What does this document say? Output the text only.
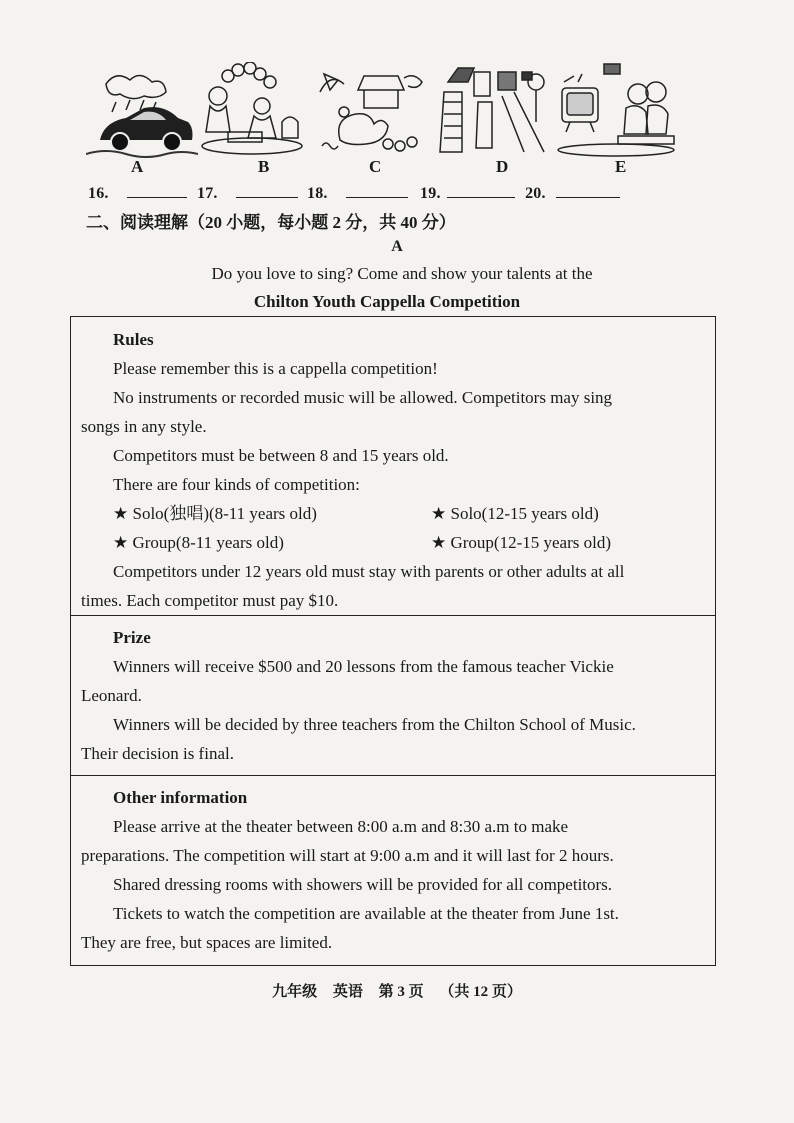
A	B	C	D	E
16.	17.	18.	19.	20.
二、阅读理解（20 小题，每小题 2 分，共 40 分）
A
Do you love to sing? Come and show your talents at the
Chilton Youth Cappella Competition

Rules

Please remember this is a cappella competition!

No instruments or recorded music will be allowed. Competitors may sing

songs in any style.

Competitors must be between 8 and 15 years old.

There are four kinds of competition:

★ Solo(独唱)(8-11 years old)	★ Solo(12-15 years old)
★ Group(8-11 years old)	★ Group(12-15 years old)

Competitors under 12 years old must stay with parents or other adults at all

times. Each competitor must pay $10.

Prize

Winners will receive $500 and 20 lessons from the famous teacher Vickie

Leonard.

Winners will be decided by three teachers from the Chilton School of Music.

Their decision is final.

Other information

Please arrive at the theater between 8:00 a.m and 8:30 a.m to make

preparations. The competition will start at 9:00 a.m and it will last for 2 hours.

Shared dressing rooms with showers will be provided for all competitors.

Tickets to watch the competition are available at the theater from June 1st.

They are free, but spaces are limited.

九年级 英语 第 3 页 （共 12 页）
